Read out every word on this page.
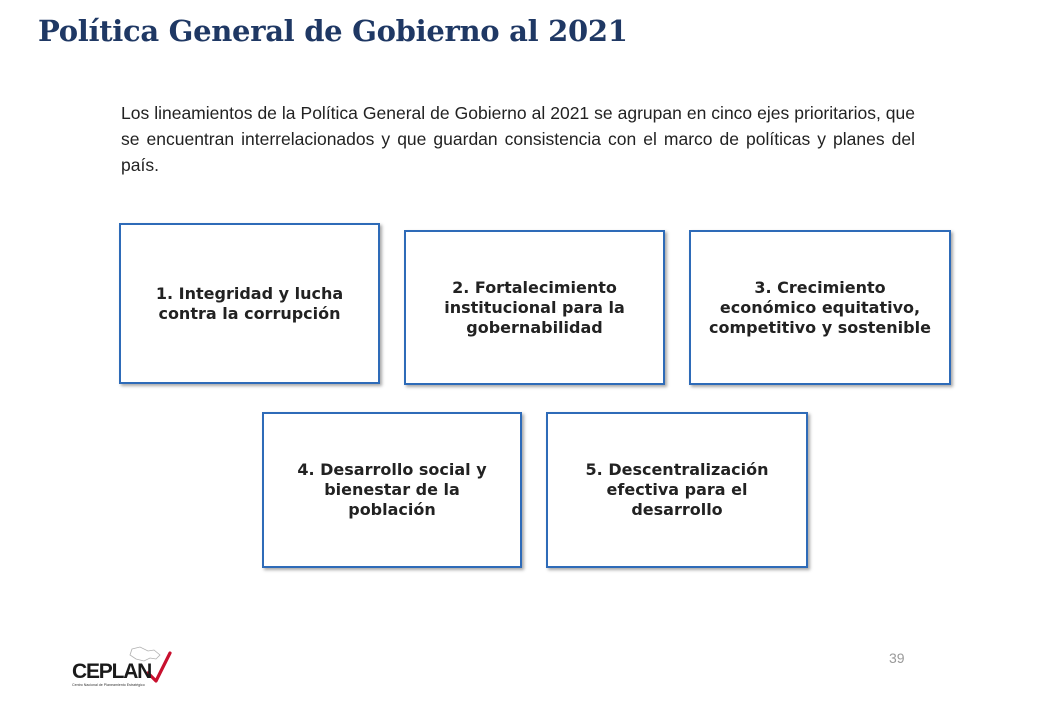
Política General de Gobierno al 2021
Los lineamientos de la Política General de Gobierno al 2021 se agrupan en cinco ejes prioritarios, que se encuentran interrelacionados y que guardan consistencia con el marco de políticas y planes del país.
1. Integridad y lucha contra la corrupción
2. Fortalecimiento institucional para la gobernabilidad
3. Crecimiento económico equitativo, competitivo y sostenible
4. Desarrollo social y bienestar de la población
5. Descentralización efectiva para el desarrollo
CEPLAN
Centro Nacional de Planeamiento Estratégico
39
